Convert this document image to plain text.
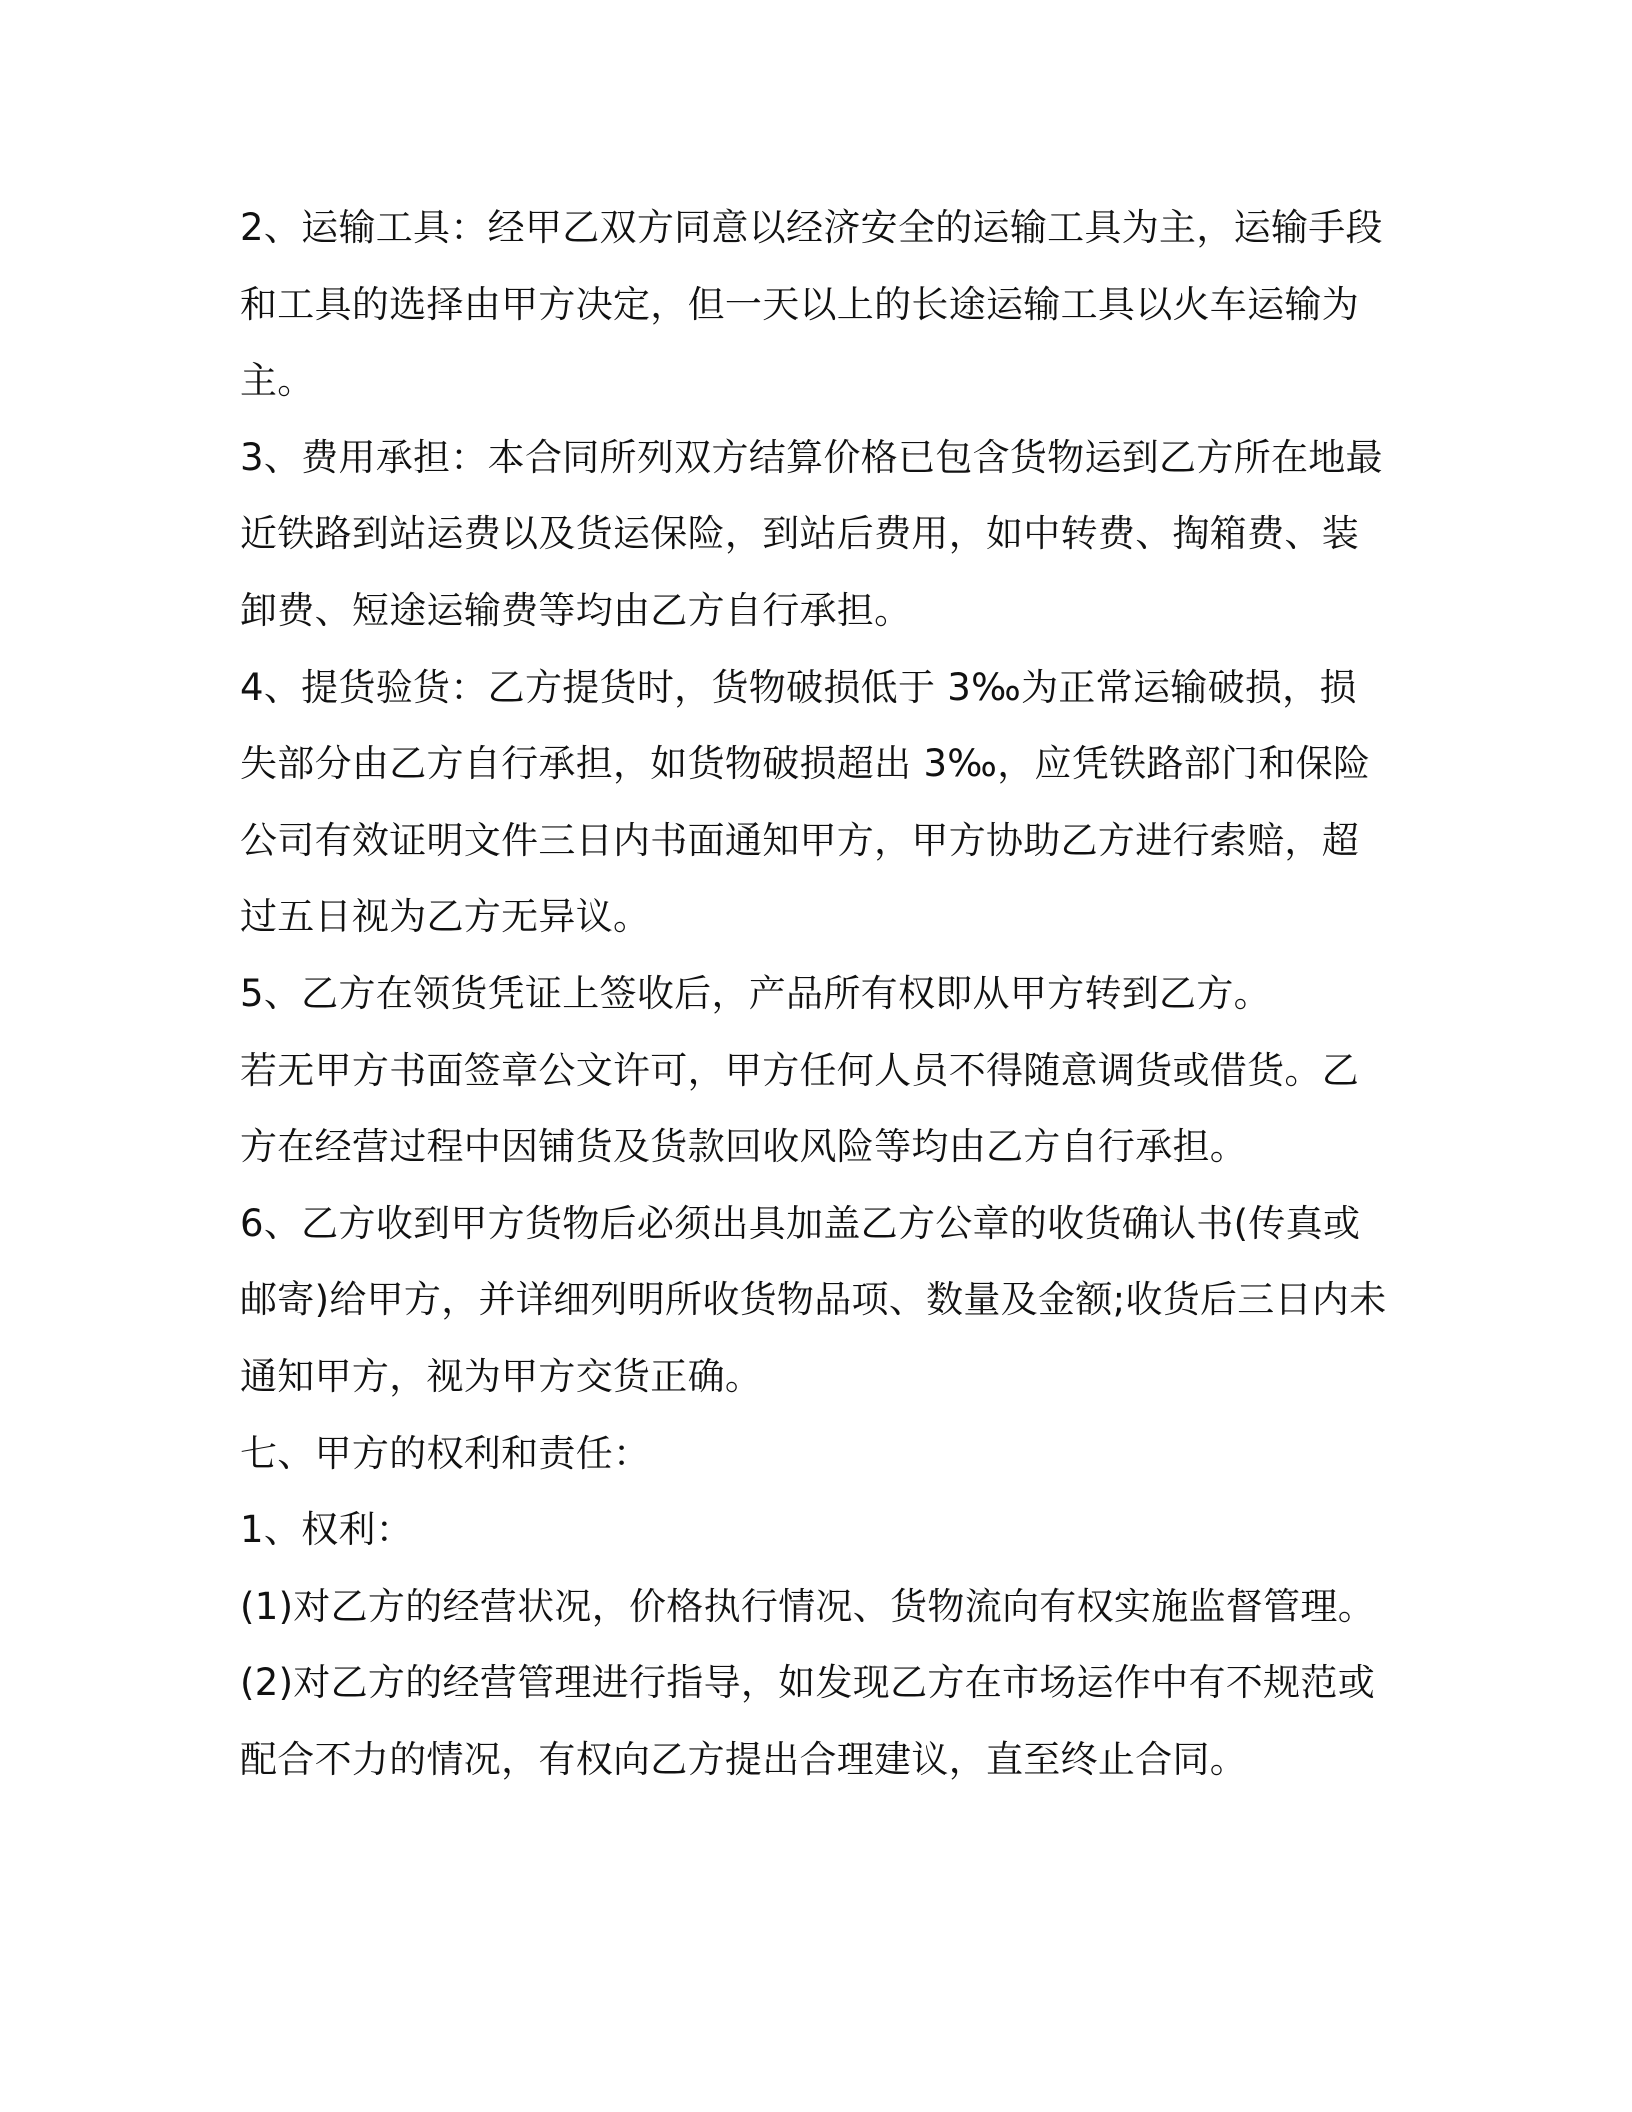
2、运输工具：经甲乙双方同意以经济安全的运输工具为主，运输手段和工具的选择由甲方决定，但一天以上的长途运输工具以火车运输为主。

3、费用承担：本合同所列双方结算价格已包含货物运到乙方所在地最近铁路到站运费以及货运保险，到站后费用，如中转费、掏箱费、装卸费、短途运输费等均由乙方自行承担。

4、提货验货：乙方提货时，货物破损低于 3‰为正常运输破损，损失部分由乙方自行承担，如货物破损超出 3‰，应凭铁路部门和保险公司有效证明文件三日内书面通知甲方，甲方协助乙方进行索赔，超过五日视为乙方无异议。

5、乙方在领货凭证上签收后，产品所有权即从甲方转到乙方。

若无甲方书面签章公文许可，甲方任何人员不得随意调货或借货。乙方在经营过程中因铺货及货款回收风险等均由乙方自行承担。

6、乙方收到甲方货物后必须出具加盖乙方公章的收货确认书(传真或邮寄)给甲方，并详细列明所收货物品项、数量及金额;收货后三日内未通知甲方，视为甲方交货正确。

七、甲方的权利和责任：

1、权利：

(1)对乙方的经营状况，价格执行情况、货物流向有权实施监督管理。

(2)对乙方的经营管理进行指导，如发现乙方在市场运作中有不规范或配合不力的情况，有权向乙方提出合理建议，直至终止合同。
